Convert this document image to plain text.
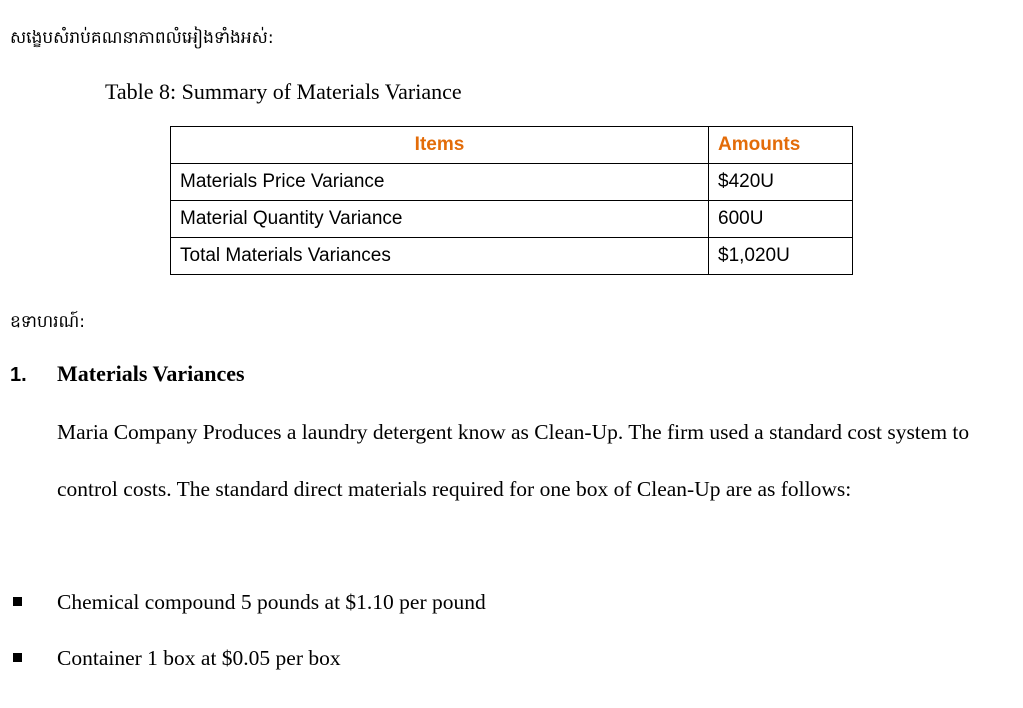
សង្ខេបសំរាប់គណនាភាពលំអៀងទាំងអស់:
Table 8: Summary of Materials Variance
Items	Amounts
Materials Price Variance	$420U
Material Quantity Variance	600U
Total Materials Variances	$1,020U
ឧទាហរណ៍:
1. Materials Variances

Maria Company Produces a laundry detergent know as Clean-Up. The firm used a standard cost system to control costs. The standard direct materials required for one box of Clean-Up are as follows:

Chemical compound 5 pounds at $1.10 per pound
Container 1 box at $0.05 per box
